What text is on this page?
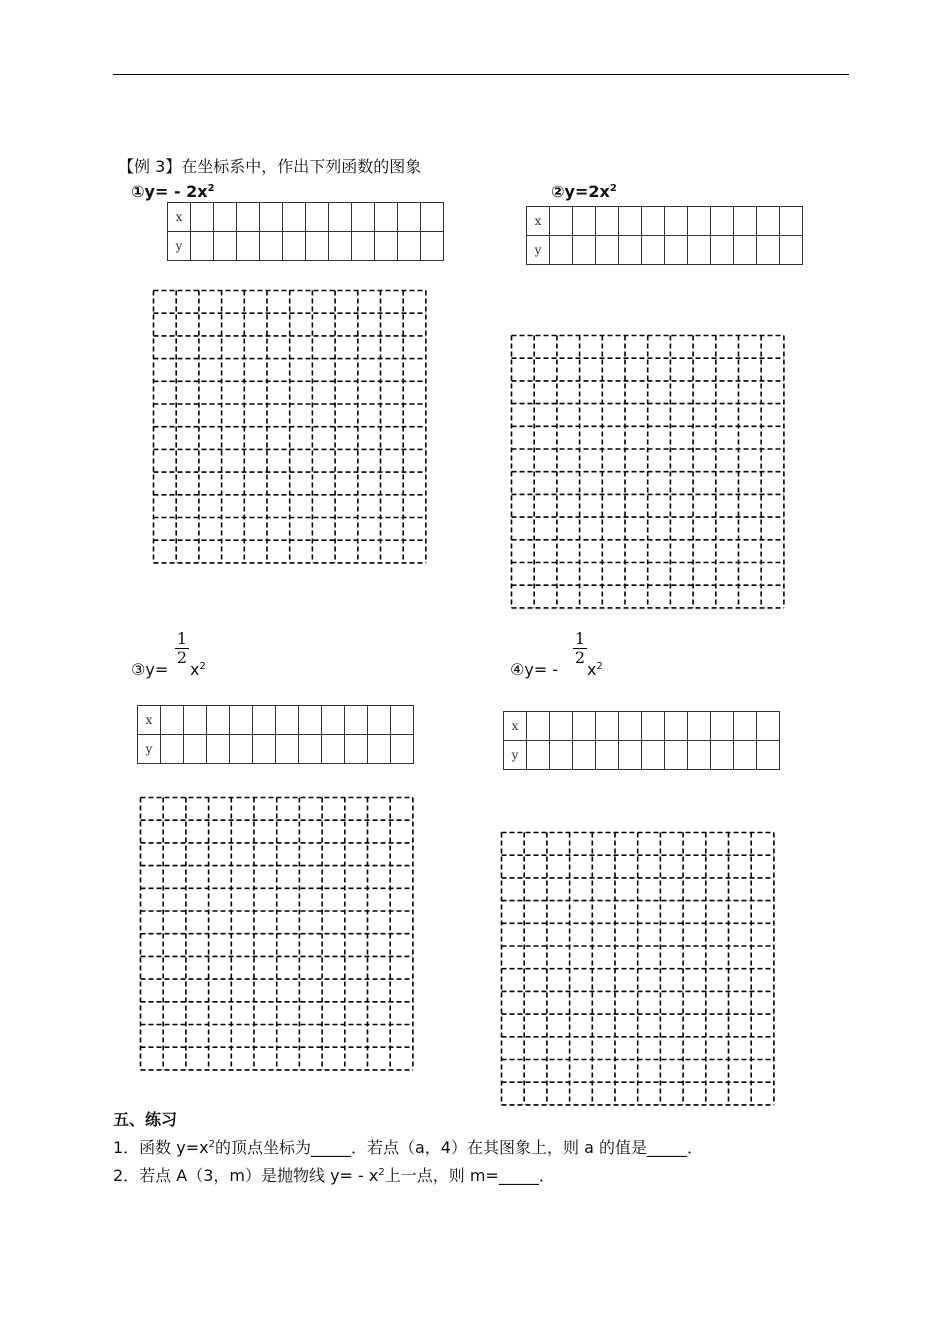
【例 3】在坐标系中，作出下列函数的图象
①y= - $2x^2$
x											
y											
$②y=2x^2$
x											
y											
③y=
$\frac{1}{2}$
$x^2$
x											
y											
④y= -
$\frac{1}{2}$
$x^2$
x											
y											
五、练习
1．函数 $y=x^2$的顶点坐标为_____．若点（a，4）在其图象上，则 a 的值是_____．
2．若点 A（3，m）是抛物线 $y= - x^2$上一点，则 m=_____．
